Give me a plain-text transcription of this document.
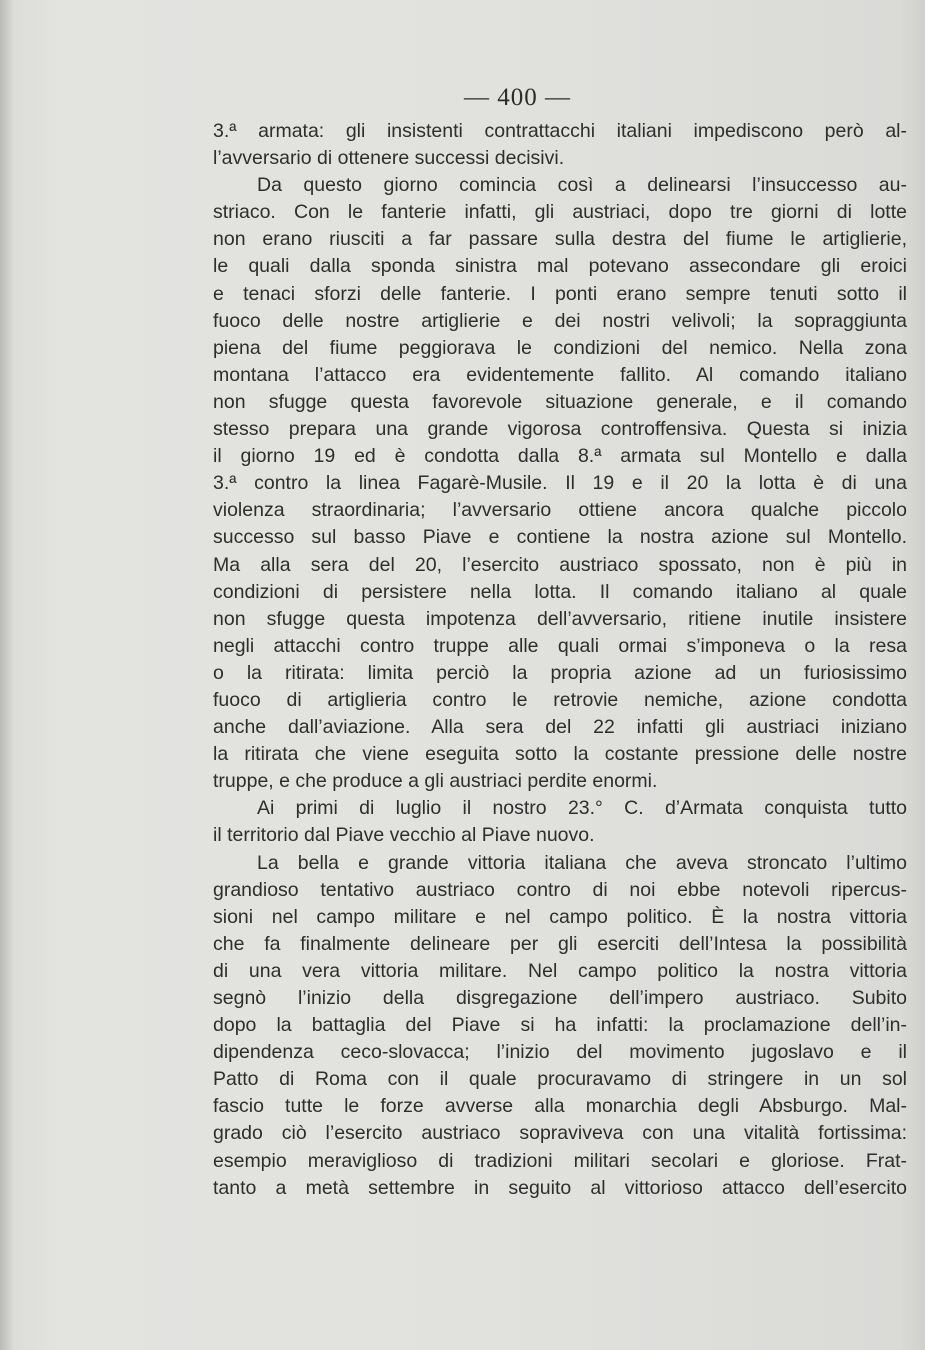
— 400 —
3.ª armata: gli insistenti contrattacchi italiani impediscono però al-
l’avversario di ottenere successi decisivi.
Da questo giorno comincia così a delinearsi l’insuccesso au-
striaco. Con le fanterie infatti, gli austriaci, dopo tre giorni di lotte
non erano riusciti a far passare sulla destra del fiume le artiglierie,
le quali dalla sponda sinistra mal potevano assecondare gli eroici
e tenaci sforzi delle fanterie. I ponti erano sempre tenuti sotto il
fuoco delle nostre artiglierie e dei nostri velivoli; la sopraggiunta
piena del fiume peggiorava le condizioni del nemico. Nella zona
montana l’attacco era evidentemente fallito. Al comando italiano
non sfugge questa favorevole situazione generale, e il comando
stesso prepara una grande vigorosa controffensiva. Questa si inizia
il giorno 19 ed è condotta dalla 8.ª armata sul Montello e dalla
3.ª contro la linea Fagarè-Musile. Il 19 e il 20 la lotta è di una
violenza straordinaria; l’avversario ottiene ancora qualche piccolo
successo sul basso Piave e contiene la nostra azione sul Montello.
Ma alla sera del 20, l’esercito austriaco spossato, non è più in
condizioni di persistere nella lotta. Il comando italiano al quale
non sfugge questa impotenza dell’avversario, ritiene inutile insistere
negli attacchi contro truppe alle quali ormai s’imponeva o la resa
o la ritirata: limita perciò la propria azione ad un furiosissimo
fuoco di artiglieria contro le retrovie nemiche, azione condotta
anche dall’aviazione. Alla sera del 22 infatti gli austriaci iniziano
la ritirata che viene eseguita sotto la costante pressione delle nostre
truppe, e che produce a gli austriaci perdite enormi.
Ai primi di luglio il nostro 23.° C. d’Armata conquista tutto
il territorio dal Piave vecchio al Piave nuovo.
La bella e grande vittoria italiana che aveva stroncato l’ultimo
grandioso tentativo austriaco contro di noi ebbe notevoli ripercus-
sioni nel campo militare e nel campo politico. È la nostra vittoria
che fa finalmente delineare per gli eserciti dell’Intesa la possibilità
di una vera vittoria militare. Nel campo politico la nostra vittoria
segnò l’inizio della disgregazione dell’impero austriaco. Subito
dopo la battaglia del Piave si ha infatti: la proclamazione dell’in-
dipendenza ceco-slovacca; l’inizio del movimento jugoslavo e il
Patto di Roma con il quale procuravamo di stringere in un sol
fascio tutte le forze avverse alla monarchia degli Absburgo. Mal-
grado ciò l’esercito austriaco sopraviveva con una vitalità fortissima:
esempio meraviglioso di tradizioni militari secolari e gloriose. Frat-
tanto a metà settembre in seguito al vittorioso attacco dell’esercito
